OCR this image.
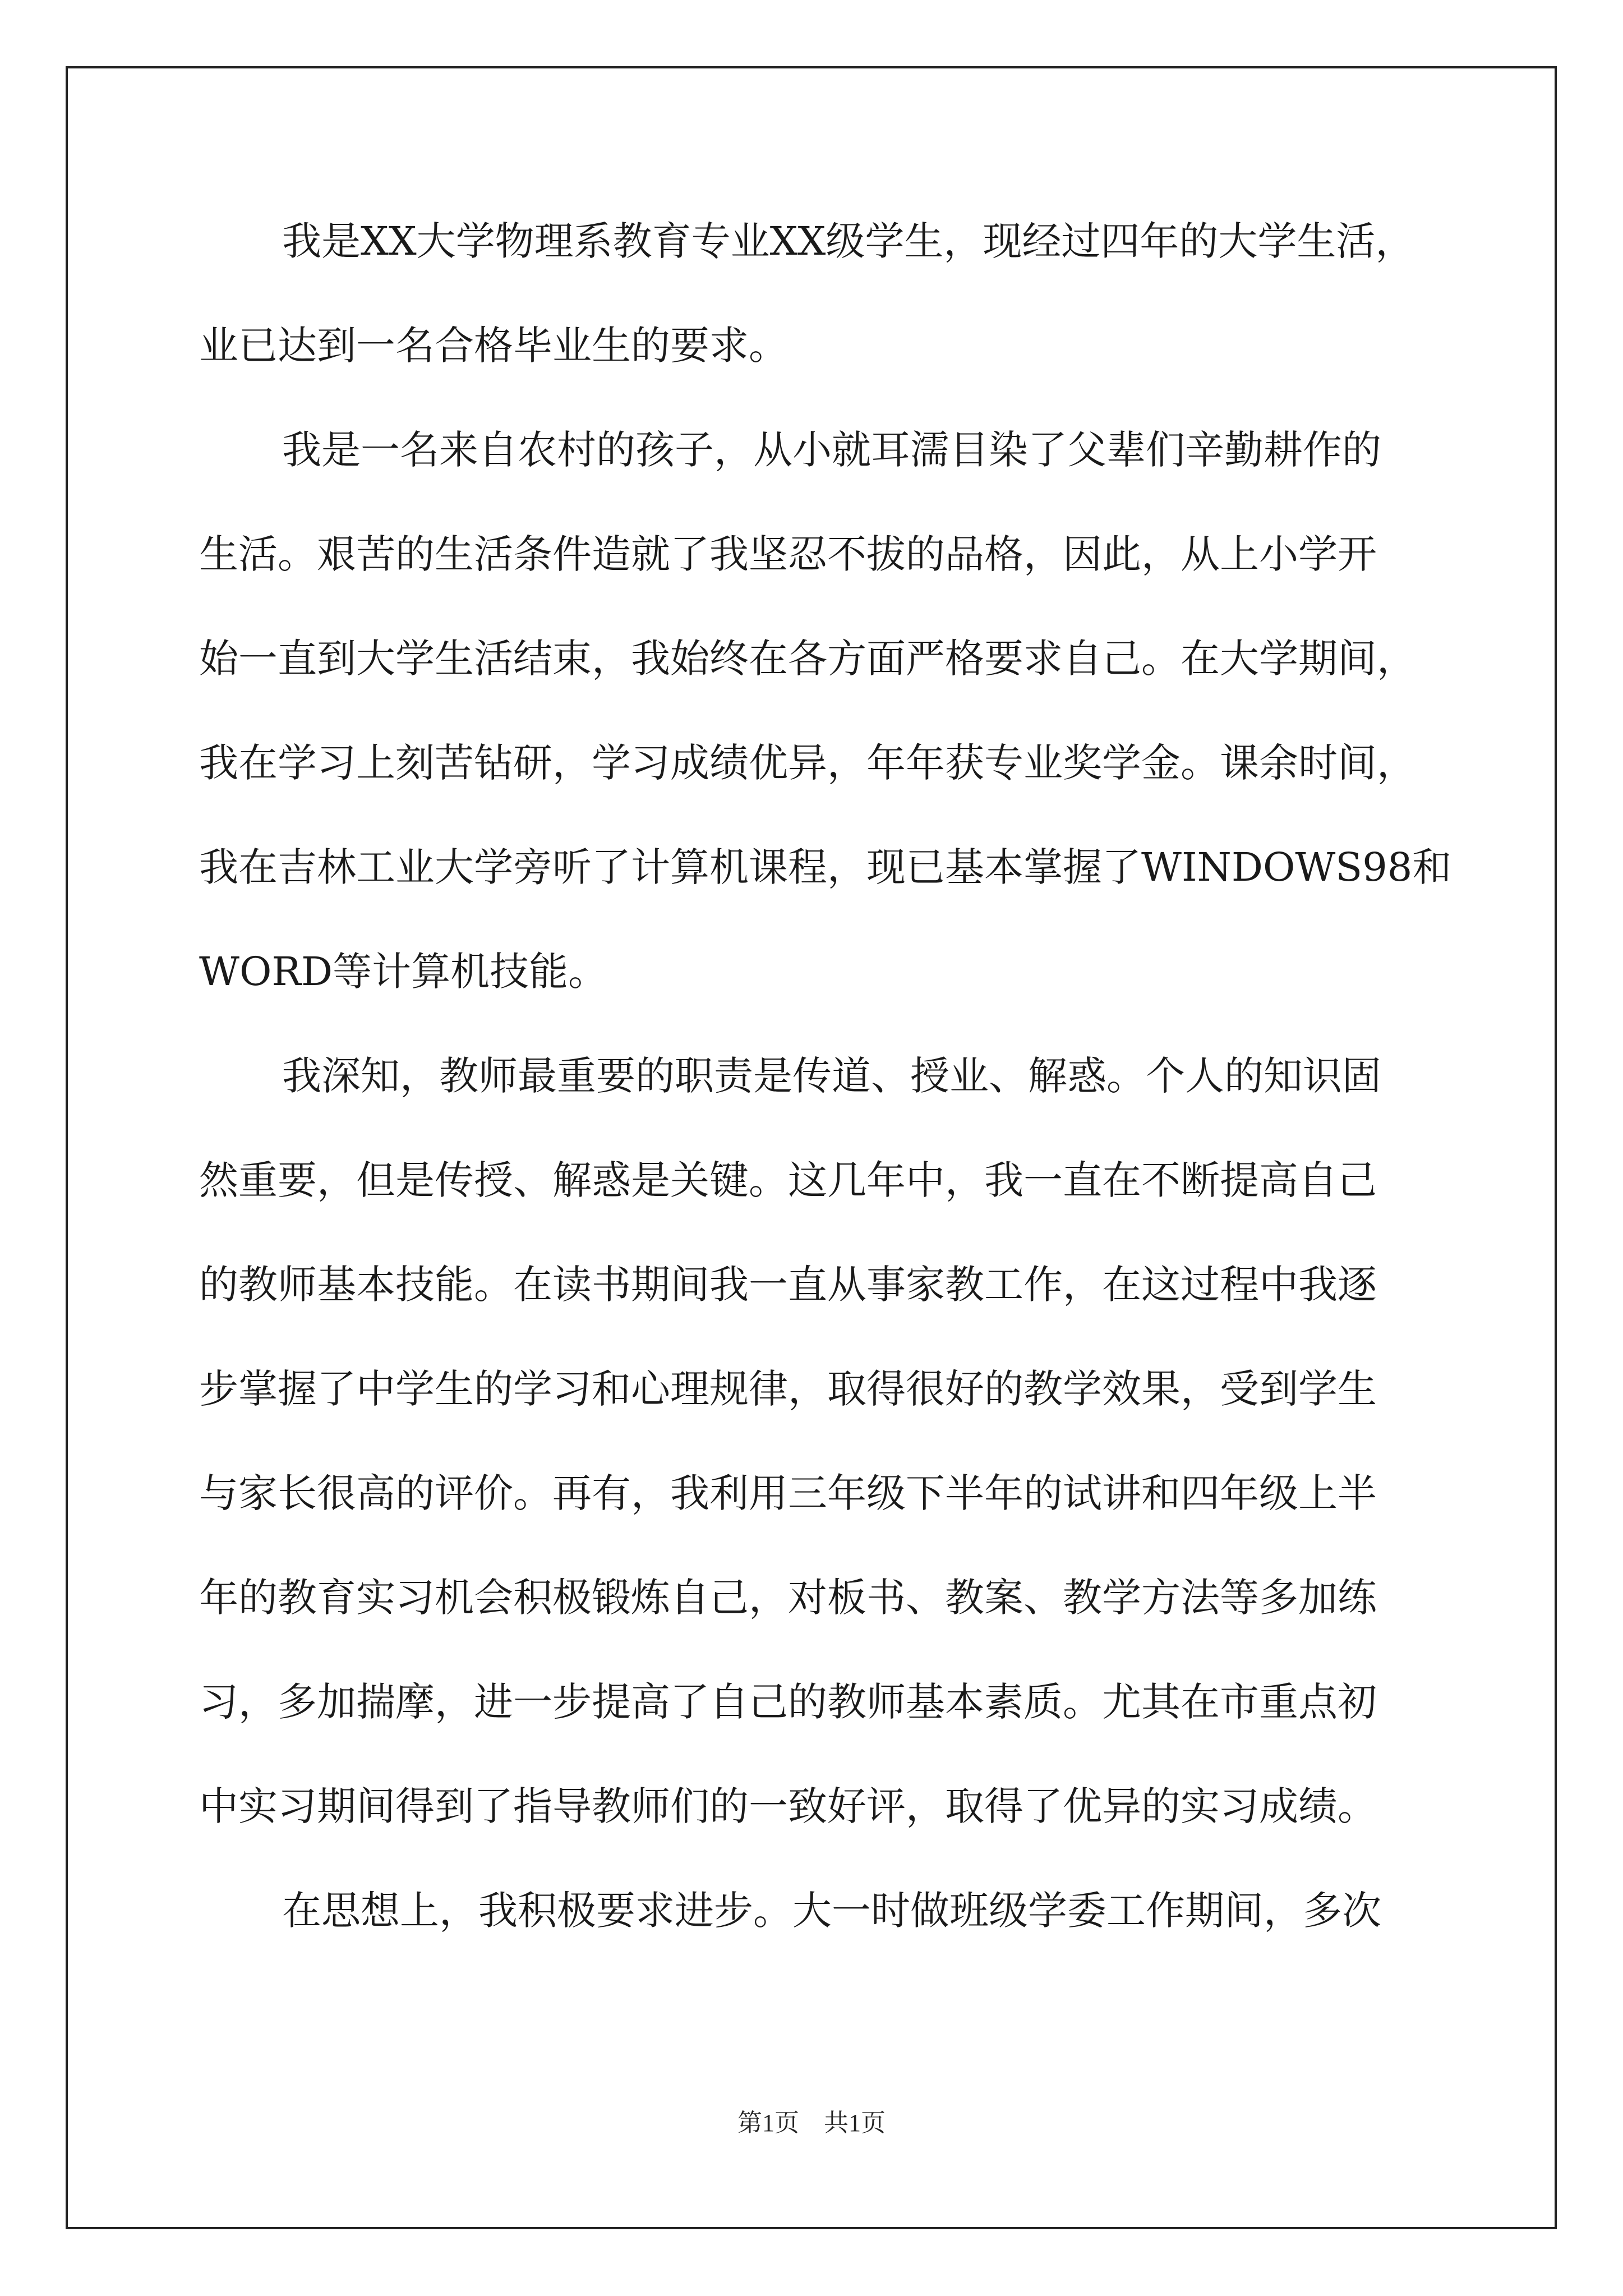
我是XX大学物理系教育专业XX级学生，现经过四年的大学生活，
业已达到一名合格毕业生的要求。
我是一名来自农村的孩子，从小就耳濡目染了父辈们辛勤耕作的
生活。艰苦的生活条件造就了我坚忍不拔的品格，因此，从上小学开
始一直到大学生活结束，我始终在各方面严格要求自己。在大学期间，
我在学习上刻苦钻研，学习成绩优异，年年获专业奖学金。课余时间，
我在吉林工业大学旁听了计算机课程，现已基本掌握了WINDOWS98和
WORD等计算机技能。
我深知，教师最重要的职责是传道、授业、解惑。个人的知识固
然重要，但是传授、解惑是关键。这几年中，我一直在不断提高自己
的教师基本技能。在读书期间我一直从事家教工作，在这过程中我逐
步掌握了中学生的学习和心理规律，取得很好的教学效果，受到学生
与家长很高的评价。再有，我利用三年级下半年的试讲和四年级上半
年的教育实习机会积极锻炼自己，对板书、教案、教学方法等多加练
习，多加揣摩，进一步提高了自己的教师基本素质。尤其在市重点初
中实习期间得到了指导教师们的一致好评，取得了优异的实习成绩。
在思想上，我积极要求进步。大一时做班级学委工作期间，多次
第1页　共1页
